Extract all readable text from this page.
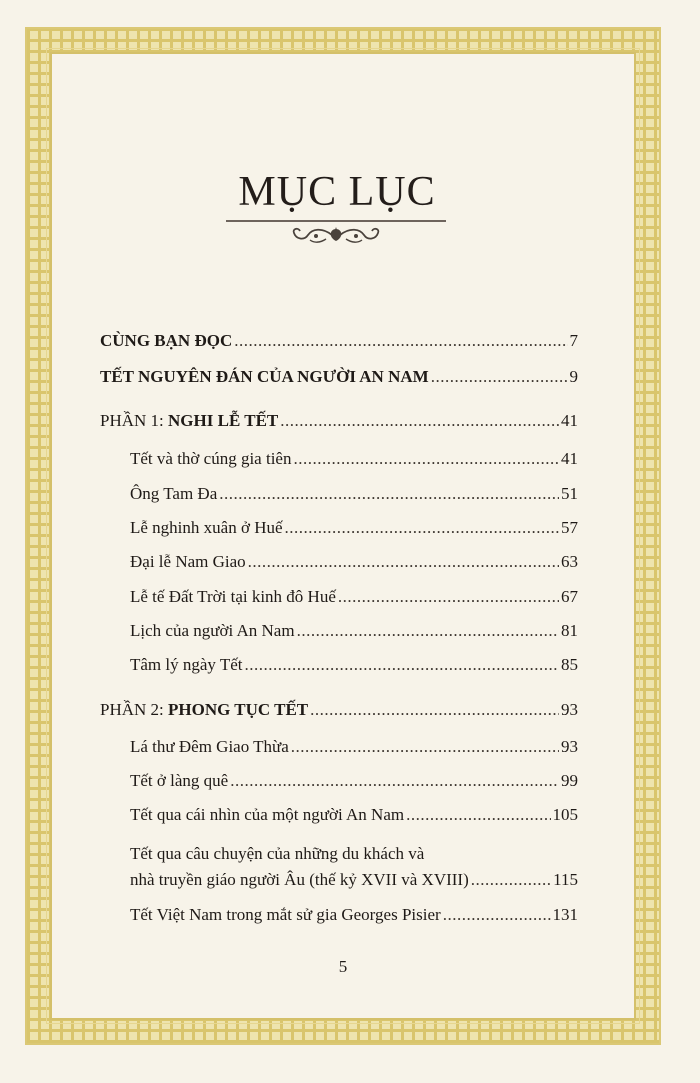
MỤC LỤC
CÙNG BẠN ĐỌC .....	7
TẾT NGUYÊN ĐÁN CỦA NGƯỜI AN NAM .....	9
PHẦN 1: NGHI LỄ TẾT .....	41
Tết và thờ cúng gia tiên .....	41
Ông Tam Đa .....	51
Lễ nghinh xuân ở Huế .....	57
Đại lễ Nam Giao .....	63
Lễ tế Đất Trời tại kinh đô Huế .....	67
Lịch của người An Nam .....	81
Tâm lý ngày Tết .....	85
PHẦN 2: PHONG TỤC TẾT .....	93
Lá thư Đêm Giao Thừa .....	93
Tết ở làng quê .....	99
Tết qua cái nhìn của một người An Nam .....	105
Tết qua câu chuyện của những du khách và
nhà truyền giáo người Âu (thế kỷ XVII và XVIII) .....	115
Tết Việt Nam trong mắt sử gia Georges Pisier .....	131
5
